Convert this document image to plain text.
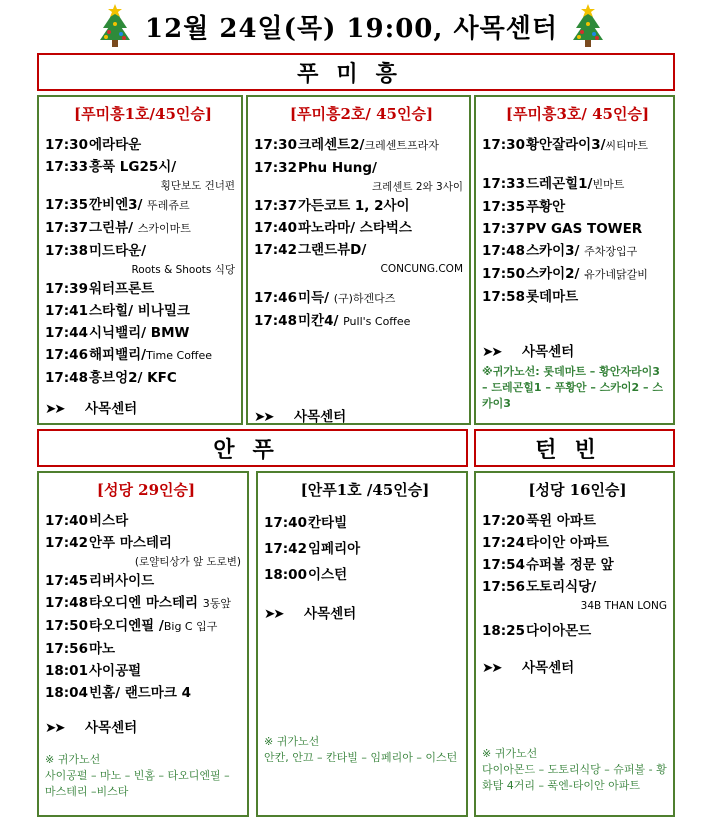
12월 24일(목) 19:00, 사목센터
푸미흥
안푸	턴빈
[푸미흥1호/45인승]
17:30에라타운
17:33흥푹 LG25시/
횡단보도 건너편
17:35깐비엔3/ 뚜레쥬르
17:37그린뷰/ 스카이마트
17:38미드타운/
Roots & Shoots 식당
17:39워터프론트
17:41스타힐/ 비나밀크
17:44시닉밸리/ BMW
17:46해피밸리/Time Coffee
17:48흥브엉2/ KFC
➤➤ 사목센터
[푸미흥2호/ 45인승]
17:30크레센트2/크레센트프라자
17:32Phu Hung/
크레센트 2와 3사이
17:37가든코트 1, 2사이
17:40파노라마/ 스타벅스
17:42그랜드뷰D/
CONCUNG.COM
17:46미득/ (구)하겐다즈
17:48미칸4/ Pull's Coffee
➤➤ 사목센터
[푸미흥3호/ 45인승]
17:30황안잘라이3/씨티마트
17:33드레곤힐1/빈마트
17:35푸황안
17:37PV GAS TOWER
17:48스카이3/ 주차장입구
17:50스카이2/ 유가네닭갈비
17:58롯데마트
➤➤ 사목센터
※귀가노선: 롯데마트 – 황안자라이3 – 드레곤힐1 – 푸황안 – 스카이2 – 스카이3
[성당 29인승]
17:40비스타
17:42안푸 마스테리
(로얄티상가 앞 도로변)
17:45리버사이드
17:48타오디엔 마스테리 3동앞
17:50타오디엔필 /Big C 입구
17:56마노
18:01사이공펄
18:04빈홈/ 랜드마크 4
➤➤ 사목센터
※ 귀가노선
사이공펄 – 마노 – 빈홈 – 타오디엔필 – 마스테리 –비스타
[안푸1호 /45인승]
17:40칸타빌
17:42임페리아
18:00이스턴
➤➤ 사목센터
※ 귀가노선
안칸, 안끄 – 칸타빌 – 임페리아 – 이스턴
[성당 16인승]
17:20푹윈 아파트
17:24타이안 아파트
17:54슈퍼볼 정문 앞
17:56도토리식당/
34B THAN LONG
18:25다이아몬드
➤➤ 사목센터
※ 귀가노선
다이아몬드 – 도토리식당 – 슈퍼볼 - 황화탐 4거리 – 푹엔-타이안 아파트
